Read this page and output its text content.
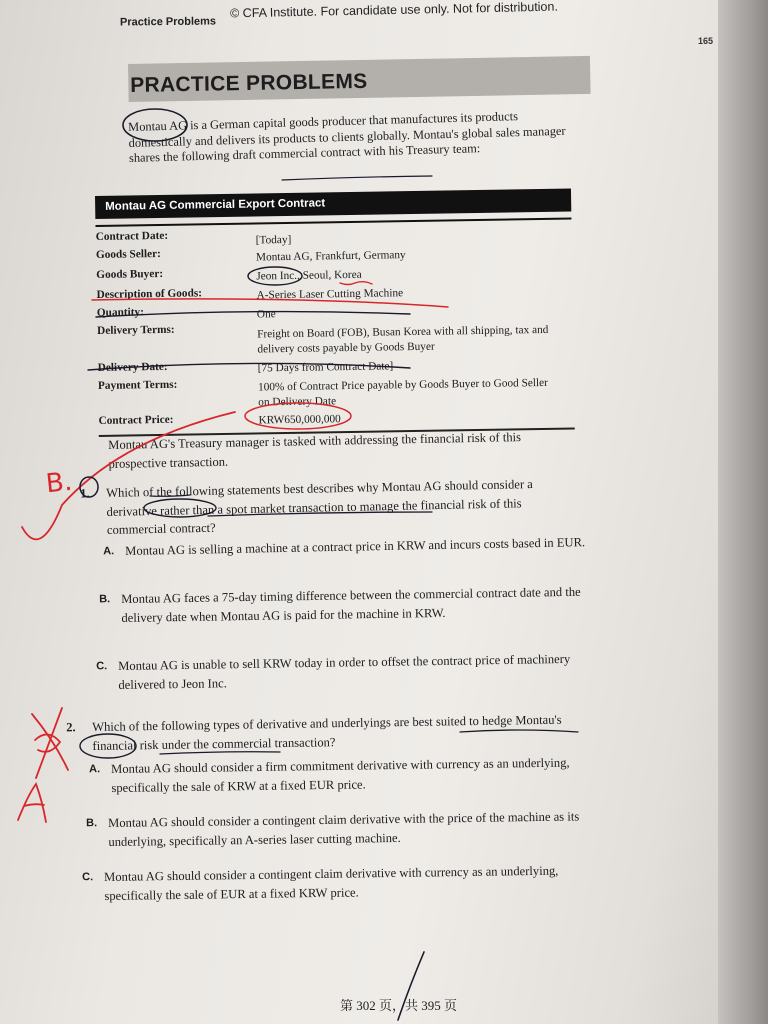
Practice Problems
© CFA Institute. For candidate use only. Not for distribution.
165
PRACTICE PROBLEMS
Montau AG is a German capital goods producer that manufactures its products domestically and delivers its products to clients globally. Montau's global sales manager shares the following draft commercial contract with his Treasury team:
Montau AG Commercial Export Contract
Contract Date:	[Today]
Goods Seller:	Montau AG, Frankfurt, Germany
Goods Buyer:	Jeon Inc., Seoul, Korea
Description of Goods:	A-Series Laser Cutting Machine
Quantity:	One
Delivery Terms:	Freight on Board (FOB), Busan Korea with all shipping, tax and delivery costs payable by Goods Buyer
Delivery Date:	[75 Days from Contract Date]
Payment Terms:	100% of Contract Price payable by Goods Buyer to Good Seller on Delivery Date
Contract Price:	KRW650,000,000
Montau AG's Treasury manager is tasked with addressing the financial risk of this prospective transaction.
1. Which of the following statements best describes why Montau AG should consider a derivative rather than a spot market transaction to manage the financial risk of this commercial contract?
A. Montau AG is selling a machine at a contract price in KRW and incurs costs based in EUR.
B. Montau AG faces a 75-day timing difference between the commercial contract date and the delivery date when Montau AG is paid for the machine in KRW.
C. Montau AG is unable to sell KRW today in order to offset the contract price of machinery delivered to Jeon Inc.
2. Which of the following types of derivative and underlyings are best suited to hedge Montau's financial risk under the commercial transaction?
A. Montau AG should consider a firm commitment derivative with currency as an underlying, specifically the sale of KRW at a fixed EUR price.
B. Montau AG should consider a contingent claim derivative with the price of the machine as its underlying, specifically an A-series laser cutting machine.
C. Montau AG should consider a contingent claim derivative with currency as an underlying, specifically the sale of EUR at a fixed KRW price.
第 302 页，共 395 页
B.
